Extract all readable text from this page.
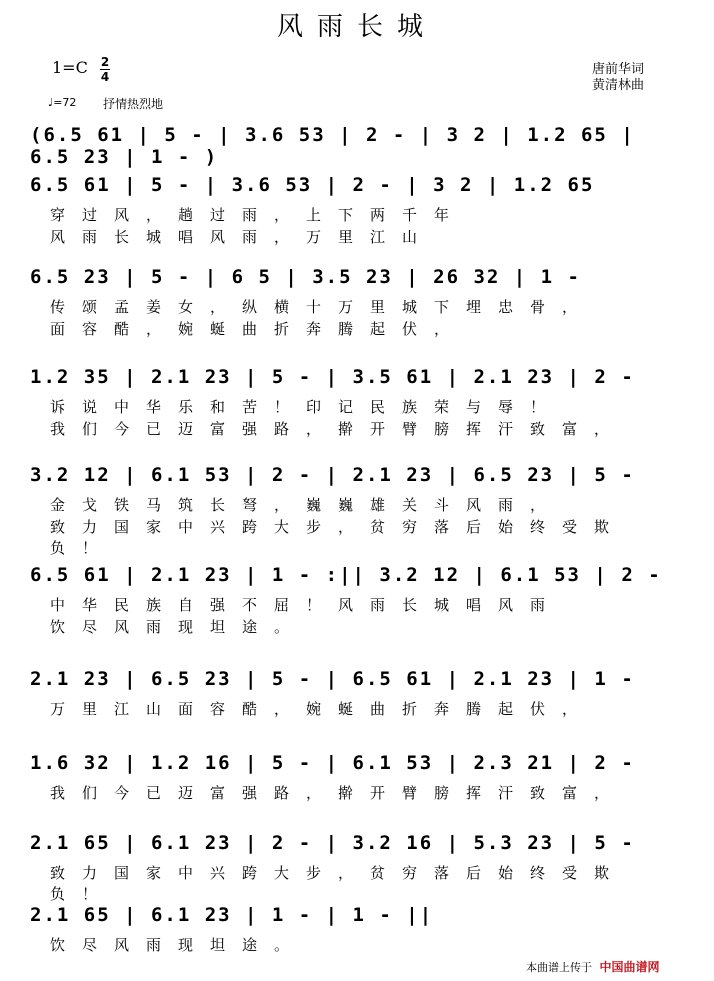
风雨长城
1=C 2
4	唐前华词
黄清林曲
♩=72 抒情热烈地
(6.5 61 | 5 - | 3.6 53 | 2 - | 3 2 | 1.2 65 | 6.5 23 | 1 - )
6.5 61 | 5 - | 3.6 53 | 2 - | 3 2 | 1.2 65
穿过风，趟过雨，上下两千年
风雨长城唱风雨，万里江山
6.5 23 | 5 - | 6 5 | 3.5 23 | 26 32 | 1 -
传颂孟姜女，纵横十万里城下埋忠骨，
面容酷，婉蜒曲折奔腾起伏，
1.2 35 | 2.1 23 | 5 - | 3.5 61 | 2.1 23 | 2 -
诉说中华乐和苦！印记民族荣与辱！
我们今已迈富强路，擀开臂膀挥汗致富，
3.2 12 | 6.1 53 | 2 - | 2.1 23 | 6.5 23 | 5 -
金戈铁马筑长弩，巍巍雄关斗风雨，
致力国家中兴跨大步，贫穷落后始终受欺负！
6.5 61 | 2.1 23 | 1 - :|| 3.2 12 | 6.1 53 | 2 -
中华民族自强不屈！风雨长城唱风雨
饮尽风雨现坦途。
2.1 23 | 6.5 23 | 5 - | 6.5 61 | 2.1 23 | 1 -
万里江山面容酷，婉蜒曲折奔腾起伏，
1.6 32 | 1.2 16 | 5 - | 6.1 53 | 2.3 21 | 2 -
我们今已迈富强路，擀开臂膀挥汗致富，
2.1 65 | 6.1 23 | 2 - | 3.2 16 | 5.3 23 | 5 -
致力国家中兴跨大步，贫穷落后始终受欺负！
2.1 65 | 6.1 23 | 1 - | 1 - ||
饮尽风雨现坦途。
本曲谱上传于 中国曲谱网
